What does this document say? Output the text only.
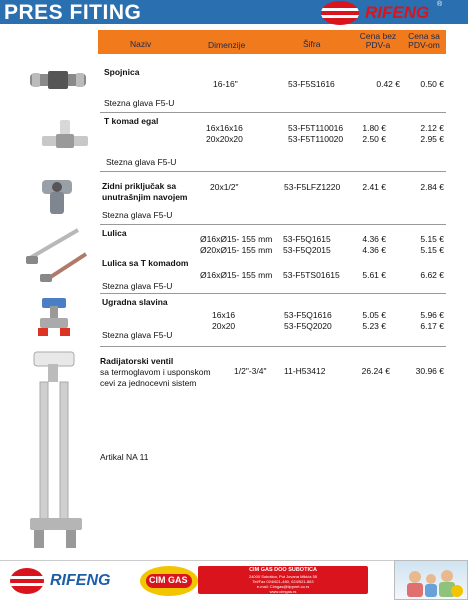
PRES FITING	RIFENG ®
Naziv	Dimenzije	Šifra
Cena bez
PDV-a
Cena sa
PDV-om
Spojnica
16-16"	53-F5S1616	0.42 €	0.50 €
Stezna glava F5-U
T komad egal
16x16x16	53-F5T110016	1.80 €	2.12 €
20x20x20	53-F5T110020	2.50 €	2.95 €
Stezna glava F5-U
Zidni priključak sa
unutrašnjim navojem
20x1/2"	53-F5LFZ1220	2.41 €	2.84 €
Stezna glava F5-U
Lulica
Ø16xØ15- 155 mm 53-F5Q1615	4.36 €	5.15 €
Ø20xØ15- 155 mm 53-F5Q2015	4.36 €	5.15 €
Lulica sa T komadom
Ø16xØ15- 155 mm 53-F5TS01615	5.61 €	6.62 €
Stezna glava F5-U
Ugradna slavina
16x16	53-F5Q1616	5.05 €	5.96 €
20x20	53-F5Q2020	5.23 €	6.17 €
Stezna glava F5-U
Radijatorski ventil
sa termoglavom i usponskom
cevi za jednocevni sistem
1/2"-3/4" 11-H53412	26.24 €	30.96 €
Artikal NA 11
RIFENG	CIM GAS
CIM GAS DOO SUBOTICA
24000 Subotica, Put Jovana Mikića 55
Tel/Fax 024/621-480, 024/521-863
e-mail: Cimgas@tippnet.co.rs
www.cimgas.rs
